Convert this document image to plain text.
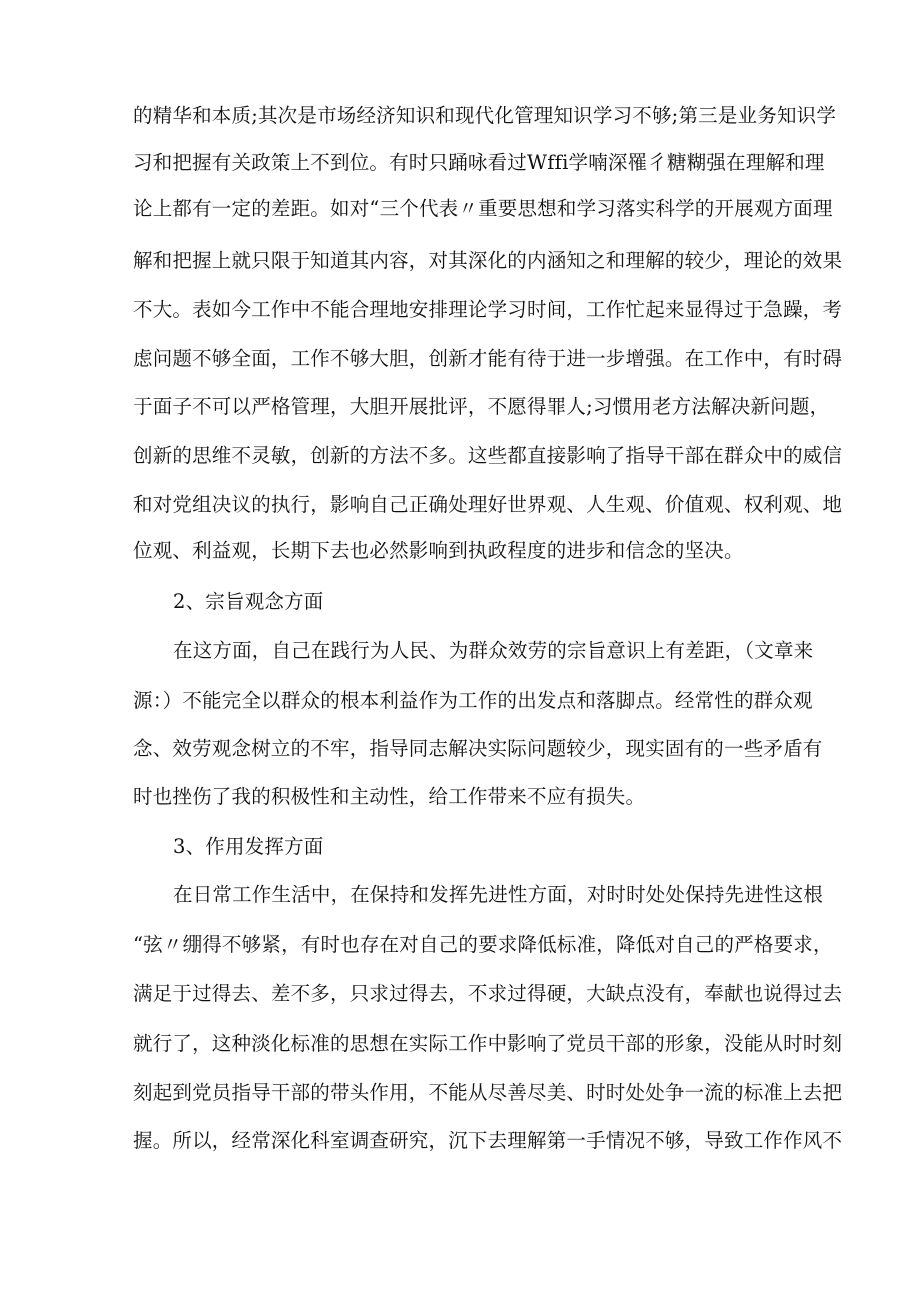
的精华和本质;其次是市场经济知识和现代化管理知识学习不够;第三是业务知识学
习和把握有关政策上不到位。有时只踊咏看过Wffi学喃深罹彳糖糊强在理解和理
论上都有一定的差距。如对“三个代表〃重要思想和学习落实科学的开展观方面理
解和把握上就只限于知道其内容，对其深化的内涵知之和理解的较少，理论的效果
不大。表如今工作中不能合理地安排理论学习时间，工作忙起来显得过于急躁，考
虑问题不够全面，工作不够大胆，创新才能有待于进一步增强。在工作中，有时碍
于面子不可以严格管理，大胆开展批评，不愿得罪人;习惯用老方法解决新问题，
创新的思维不灵敏，创新的方法不多。这些都直接影响了指导干部在群众中的威信
和对党组决议的执行，影响自己正确处理好世界观、人生观、价值观、权利观、地
位观、利益观，长期下去也必然影响到执政程度的进步和信念的坚决。
2、宗旨观念方面
在这方面，自己在践行为人民、为群众效劳的宗旨意识上有差距，（文章来
源：）不能完全以群众的根本利益作为工作的出发点和落脚点。经常性的群众观
念、效劳观念树立的不牢，指导同志解决实际问题较少，现实固有的一些矛盾有
时也挫伤了我的积极性和主动性，给工作带来不应有损失。
3、作用发挥方面
在日常工作生活中，在保持和发挥先进性方面，对时时处处保持先进性这根
“弦〃绷得不够紧，有时也存在对自己的要求降低标准，降低对自己的严格要求，
满足于过得去、差不多，只求过得去，不求过得硬，大缺点没有，奉献也说得过去
就行了，这种淡化标准的思想在实际工作中影响了党员干部的形象，没能从时时刻
刻起到党员指导干部的带头作用，不能从尽善尽美、时时处处争一流的标准上去把
握。所以，经常深化科室调查研究，沉下去理解第一手情况不够，导致工作作风不
